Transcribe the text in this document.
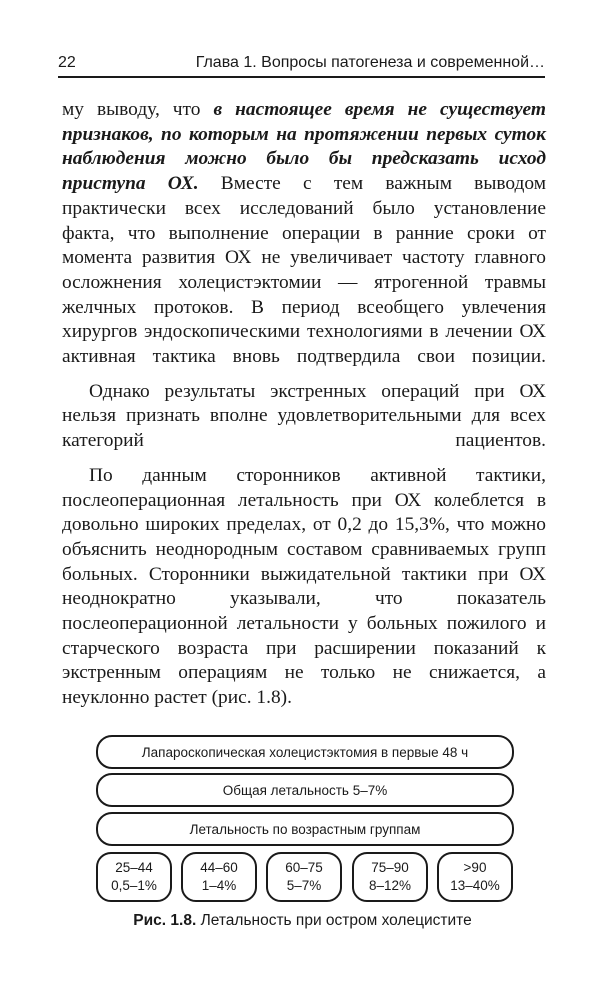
22	Глава 1. Вопросы патогенеза и современной…

му выводу, что в настоящее время не существует признаков, по которым на протяжении первых суток наблюдения можно было бы предсказать исход приступа ОХ. Вместе с тем важным выводом практически всех исследований было установление факта, что выполнение операции в ранние сроки от момента развития ОХ не увеличивает частоту главного осложнения холецистэктомии — ятрогенной травмы желчных протоков. В период всеобщего увлечения хирургов эндоскопическими технологиями в лечении ОХ активная тактика вновь подтвердила свои позиции.

Однако результаты экстренных операций при ОХ нельзя признать вполне удовлетворительными для всех категорий пациентов.

По данным сторонников активной тактики, послеоперационная летальность при ОХ колеблется в довольно широких пределах, от 0,2 до 15,3%, что можно объяснить неоднородным составом сравниваемых групп больных. Сторонники выжидательной тактики при ОХ неоднократно указывали, что показатель послеоперационной летальности у больных пожилого и старческого возраста при расширении показаний к экстренным операциям не только не снижается, а неуклонно растет (рис. 1.8).

Лапароскопическая холецистэктомия в первые 48 ч
Общая летальность 5–7%
Летальность по возрастным группам
25–44
0,5–1%
44–60
1–4%
60–75
5–7%
75–90
8–12%
>90
13–40%
Рис. 1.8. Летальность при остром холецистите
